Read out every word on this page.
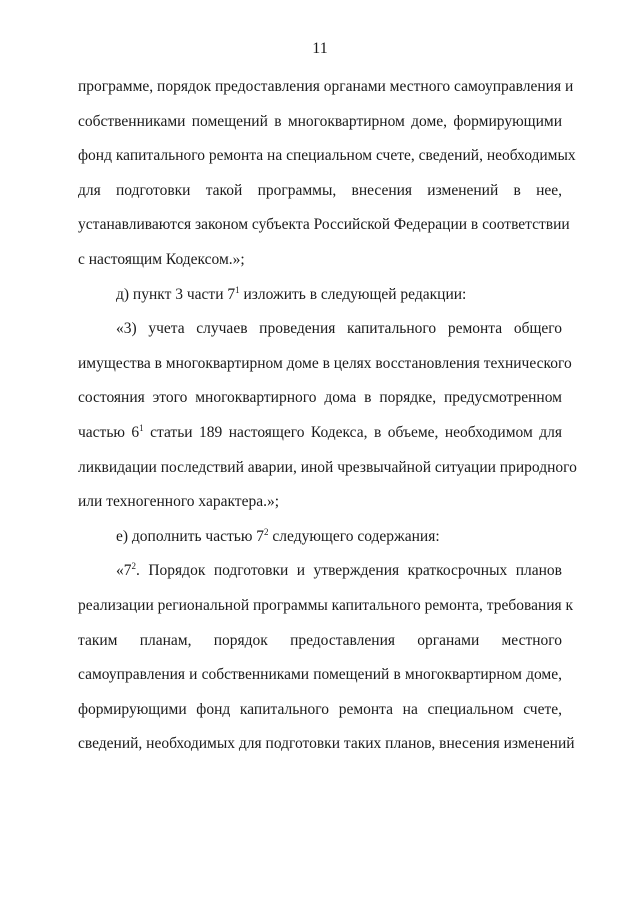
11
программе, порядок предоставления органами местного самоуправления и
собственниками помещений в многоквартирном доме, формирующими
фонд капитального ремонта на специальном счете, сведений, необходимых
для подготовки такой программы, внесения изменений в нее,
устанавливаются законом субъекта Российской Федерации в соответствии
с настоящим Кодексом.»;
д) пункт 3 части $7^1$ изложить в следующей редакции:
«3) учета случаев проведения капитального ремонта общего
имущества в многоквартирном доме в целях восстановления технического
состояния этого многоквартирного дома в порядке, предусмотренном
частью $6^1$ статьи 189 настоящего Кодекса, в объеме, необходимом для
ликвидации последствий аварии, иной чрезвычайной ситуации природного
или техногенного характера.»;
е) дополнить частью $7^2$ следующего содержания:
«$7^2$. Порядок подготовки и утверждения краткосрочных планов
реализации региональной программы капитального ремонта, требования к
таким планам, порядок предоставления органами местного
самоуправления и собственниками помещений в многоквартирном доме,
формирующими фонд капитального ремонта на специальном счете,
сведений, необходимых для подготовки таких планов, внесения изменений
